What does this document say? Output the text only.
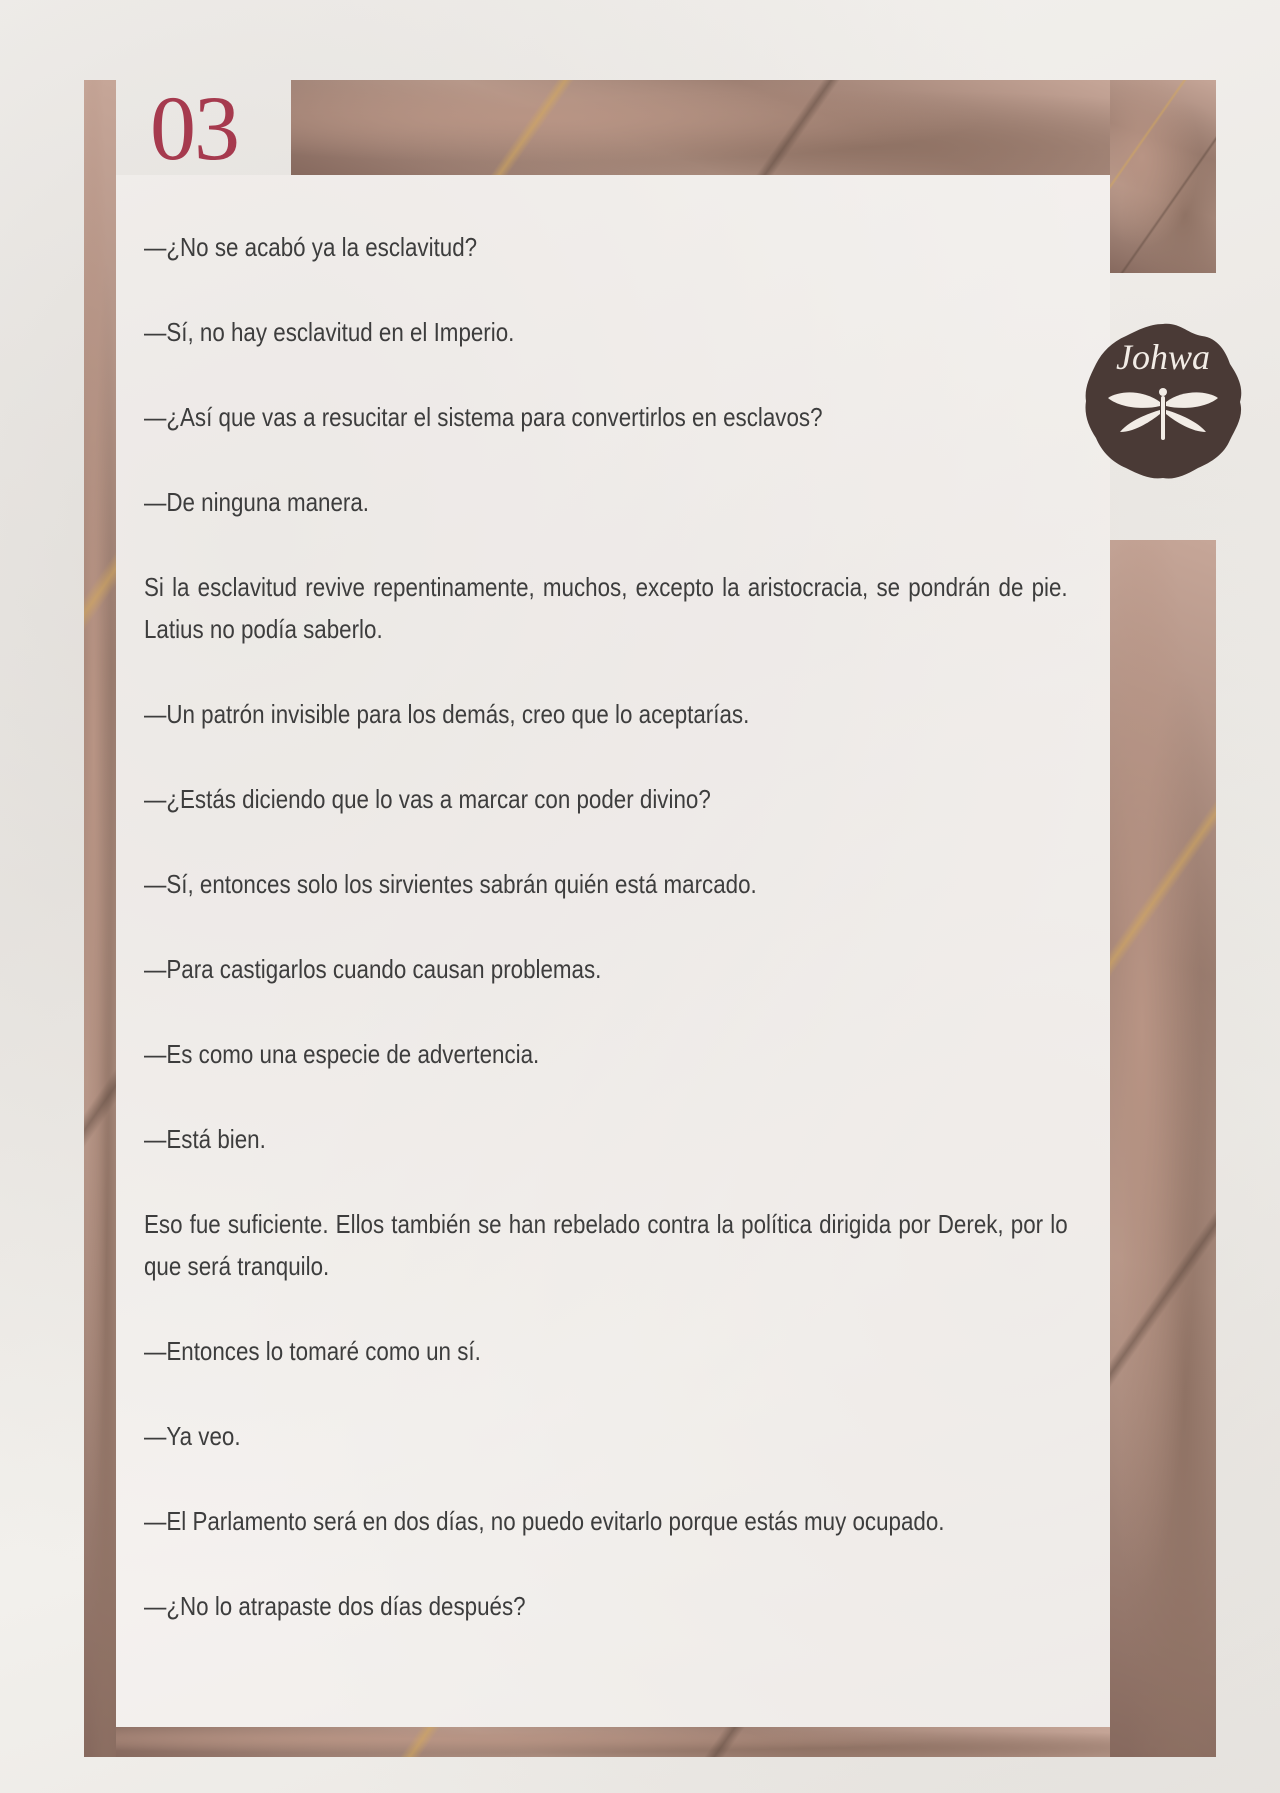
03
Johwa

—¿No se acabó ya la esclavitud?

—Sí, no hay esclavitud en el Imperio.

—¿Así que vas a resucitar el sistema para convertirlos en esclavos?

—De ninguna manera.

Si la esclavitud revive repentinamente, muchos, excepto la aristocracia, se pondrán de pie. Latius no podía saberlo.

—Un patrón invisible para los demás, creo que lo aceptarías.

—¿Estás diciendo que lo vas a marcar con poder divino?

—Sí, entonces solo los sirvientes sabrán quién está marcado.

—Para castigarlos cuando causan problemas.

—Es como una especie de advertencia.

—Está bien.

Eso fue suficiente. Ellos también se han rebelado contra la política dirigida por Derek, por lo que será tranquilo.

—Entonces lo tomaré como un sí.

—Ya veo.

—El Parlamento será en dos días, no puedo evitarlo porque estás muy ocupado.

—¿No lo atrapaste dos días después?
